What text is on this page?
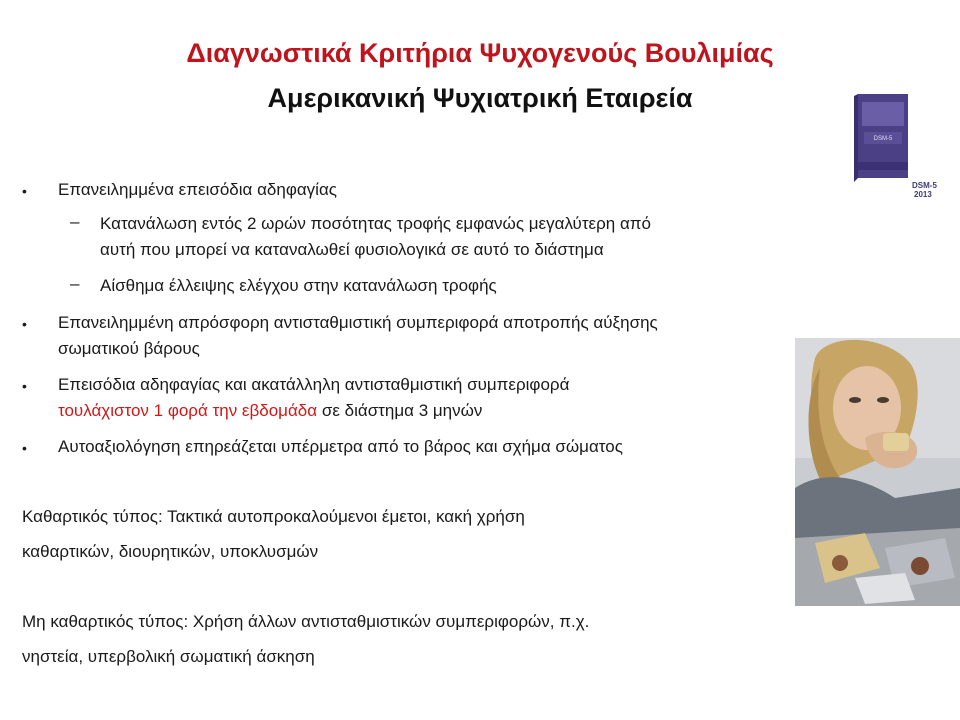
Διαγνωστικά Κριτήρια Ψυχογενούς Βουλιμίας
Αμερικανική Ψυχιατρική Εταιρεία
DSM-5
DSM-5
2013
• Επανειλημμένα επεισόδια αδηφαγίας
– Κατανάλωση εντός 2 ωρών ποσότητας τροφής εμφανώς μεγαλύτερη από
αυτή που μπορεί να καταναλωθεί φυσιολογικά σε αυτό το διάστημα
– Αίσθημα έλλειψης ελέγχου στην κατανάλωση τροφής
• Επανειλημμένη απρόσφορη αντισταθμιστική συμπεριφορά αποτροπής αύξησης
σωματικού βάρους
• Επεισόδια αδηφαγίας και ακατάλληλη αντισταθμιστική συμπεριφορά
τουλάχιστον 1 φορά την εβδομάδα σε διάστημα 3 μηνών
• Αυτοαξιολόγηση επηρεάζεται υπέρμετρα από το βάρος και σχήμα σώματος
Καθαρτικός τύπος: Τακτικά αυτοπροκαλούμενοι έμετοι, κακή χρήση
καθαρτικών, διουρητικών, υποκλυσμών
Μη καθαρτικός τύπος: Χρήση άλλων αντισταθμιστικών συμπεριφορών, π.χ.
νηστεία, υπερβολική σωματική άσκηση
